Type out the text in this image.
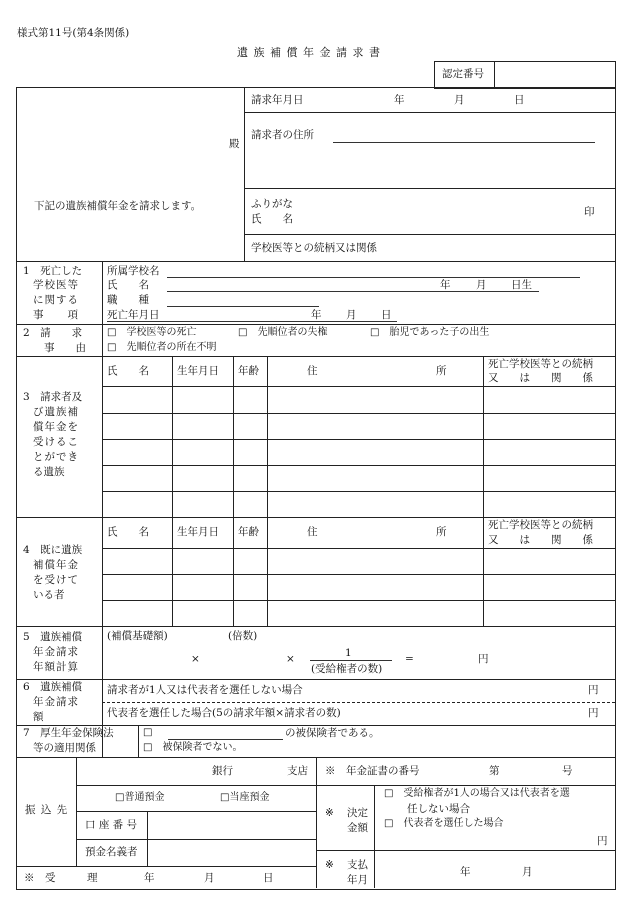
様式第11号(第4条関係)
遺 族 補 償 年 金 請 求 書
認定番号
殿
下記の遺族補償年金を請求します。
請求年月日	年	月	日
請求者の住所
ふりがな
氏　　名
印
学校医等との続柄又は関係
1　死亡した
学校医等
に関する
事　　項
所属学校名
氏　　名	年 月 日生
職　　種
死亡年月日	年 月 日
2　請　　求
事　　由
□　学校医等の死亡	□　先順位者の失権	□　胎児であった子の出生
□　先順位者の所在不明
3　請求者及
び遺族補
償年金を
受けるこ
とができ
る遺族
氏　　名	生年月日 年齢	住	所
死亡学校医等との続柄
又　　は　　関　　係
4　既に遺族
補償年金
を受けて
いる者
氏　　名	生年月日 年齢	住	所
死亡学校医等との続柄
又　　は　　関　　係
5　遺族補償
年金請求
年額計算
(補償基礎額)	(倍数)
×	×	1
(受給権者の数)
=	円
6　遺族補償
年金請求
額
請求者が1人又は代表者を選任しない場合	円
代表者を選任した場合(5の請求年額×請求者の数)	円
7　厚生年金保険法
等の適用関係
□	の被保険者である。
□　被保険者でない。
振 込 先
銀行	支店
□普通預金	□当座預金
口 座 番 号
預金名義者
※　年金証書の番号	第	号
※ 決定
金額
□　受給権者が1人の場合又は代表者を選
任しない場合
□　代表者を選任した場合
円
※ 支払
年月
年	月
※　受　　　理	年	月	日
